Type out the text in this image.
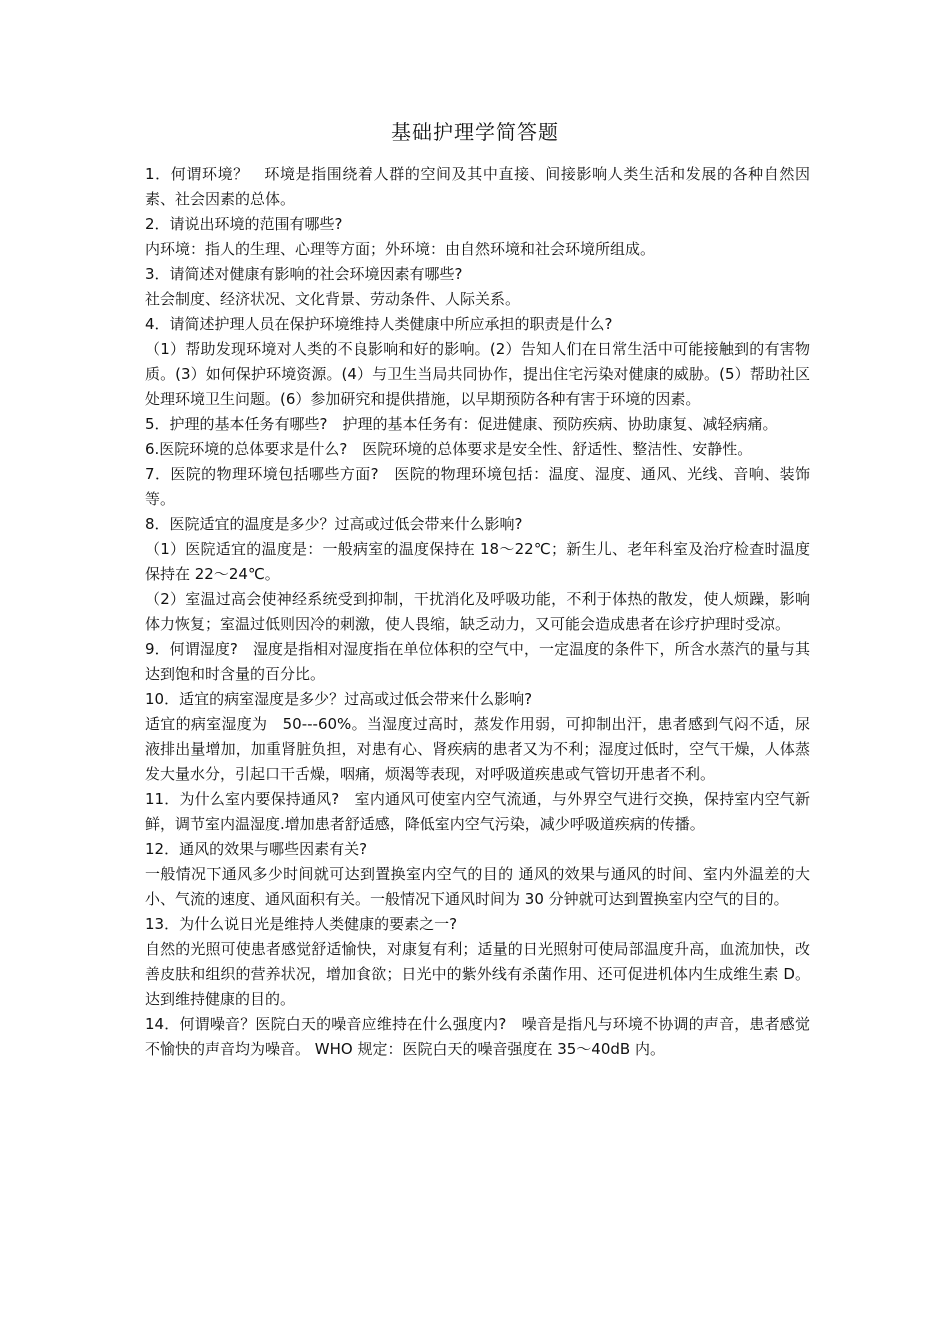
基础护理学简答题

1．何谓环境？　环境是指围绕着人群的空间及其中直接、间接影响人类生活和发展的各种自然因素、社会因素的总体。

2．请说出环境的范围有哪些?

内环境：指人的生理、心理等方面；外环境：由自然环境和社会环境所组成。

3．请简述对健康有影响的社会环境因素有哪些?

社会制度、经济状况、文化背景、劳动条件、人际关系。

4．请简述护理人员在保护环境维持人类健康中所应承担的职责是什么?

（1）帮助发现环境对人类的不良影响和好的影响。(2）告知人们在日常生活中可能接触到的有害物质。(3）如何保护环境资源。(4）与卫生当局共同协作，提出住宅污染对健康的威胁。(5）帮助社区处理环境卫生问题。(6）参加研究和提供措施，以早期预防各种有害于环境的因素。

5．护理的基本任务有哪些?　护理的基本任务有：促进健康、预防疾病、协助康复、减轻病痛。

6.医院环境的总体要求是什么?　医院环境的总体要求是安全性、舒适性、整洁性、安静性。

7．医院的物理环境包括哪些方面?　医院的物理环境包括：温度、湿度、通风、光线、音响、装饰等。

8．医院适宜的温度是多少？过高或过低会带来什么影响?

（1）医院适宜的温度是：一般病室的温度保持在 18～22℃；新生儿、老年科室及治疗检查时温度保持在 22～24℃。

（2）室温过高会使神经系统受到抑制，干扰消化及呼吸功能，不利于体热的散发，使人烦躁，影响体力恢复；室温过低则因冷的刺激，使人畏缩，缺乏动力，又可能会造成患者在诊疗护理时受凉。

9．何谓湿度?　湿度是指相对湿度指在单位体积的空气中，一定温度的条件下，所含水蒸汽的量与其达到饱和时含量的百分比。

10．适宜的病室湿度是多少？过高或过低会带来什么影响?

适宜的病室湿度为　50---60%。当湿度过高时，蒸发作用弱，可抑制出汗，患者感到气闷不适，尿液排出量增加，加重肾脏负担，对患有心、肾疾病的患者又为不利；湿度过低时，空气干燥，人体蒸发大量水分，引起口干舌燥，咽痛，烦渴等表现，对呼吸道疾患或气管切开患者不利。

11．为什么室内要保持通风?　室内通风可使室内空气流通，与外界空气进行交换，保持室内空气新鲜，调节室内温湿度.增加患者舒适感，降低室内空气污染，减少呼吸道疾病的传播。

12．通风的效果与哪些因素有关?

一般情况下通风多少时间就可达到置换室内空气的目的 通风的效果与通风的时间、室内外温差的大小、气流的速度、通风面积有关。一般情况下通风时间为 30 分钟就可达到置换室内空气的目的。

13．为什么说日光是维持人类健康的要素之一?

自然的光照可使患者感觉舒适愉快，对康复有利；适量的日光照射可使局部温度升高，血流加快，改善皮肤和组织的营养状况，增加食欲；日光中的紫外线有杀菌作用、还可促进机体内生成维生素 D。达到维持健康的目的。

14．何谓噪音？医院白天的噪音应维持在什么强度内?　噪音是指凡与环境不协调的声音，患者感觉不愉快的声音均为噪音。 WHO 规定：医院白天的噪音强度在 35～40dB 内。
